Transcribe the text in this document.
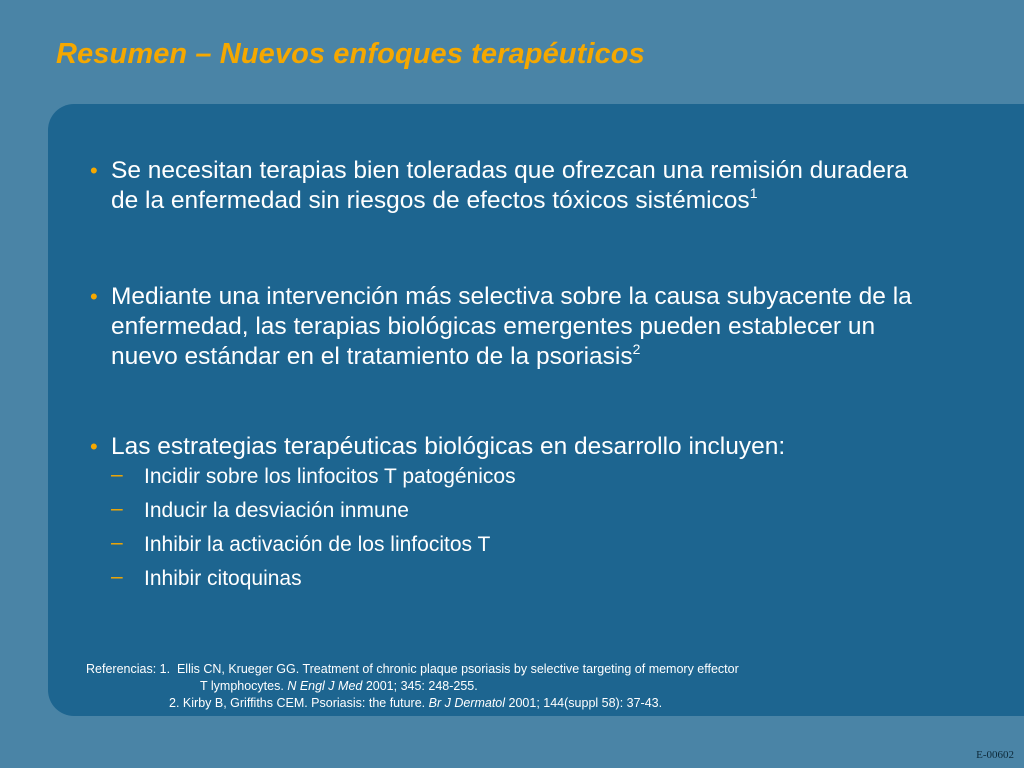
Resumen – Nuevos enfoques terapéuticos
• Se necesitan terapias bien toleradas que ofrezcan una remisión duradera de la enfermedad sin riesgos de efectos tóxicos sistémicos$^1$
• Mediante una intervención más selectiva sobre la causa subyacente de la enfermedad, las terapias biológicas emergentes pueden establecer un nuevo estándar en el tratamiento de la psoriasis$^2$
• Las estrategias terapéuticas biológicas en desarrollo incluyen:
– Incidir sobre los linfocitos T patogénicos
– Inducir la desviación inmune
– Inhibir la activación de los linfocitos T
– Inhibir citoquinas
Referencias: 1. Ellis CN, Krueger GG. Treatment of chronic plaque psoriasis by selective targeting of memory effector
T lymphocytes. N Engl J Med 2001; 345: 248-255.
2. Kirby B, Griffiths CEM. Psoriasis: the future. Br J Dermatol 2001; 144(suppl 58): 37-43.
E-00602
